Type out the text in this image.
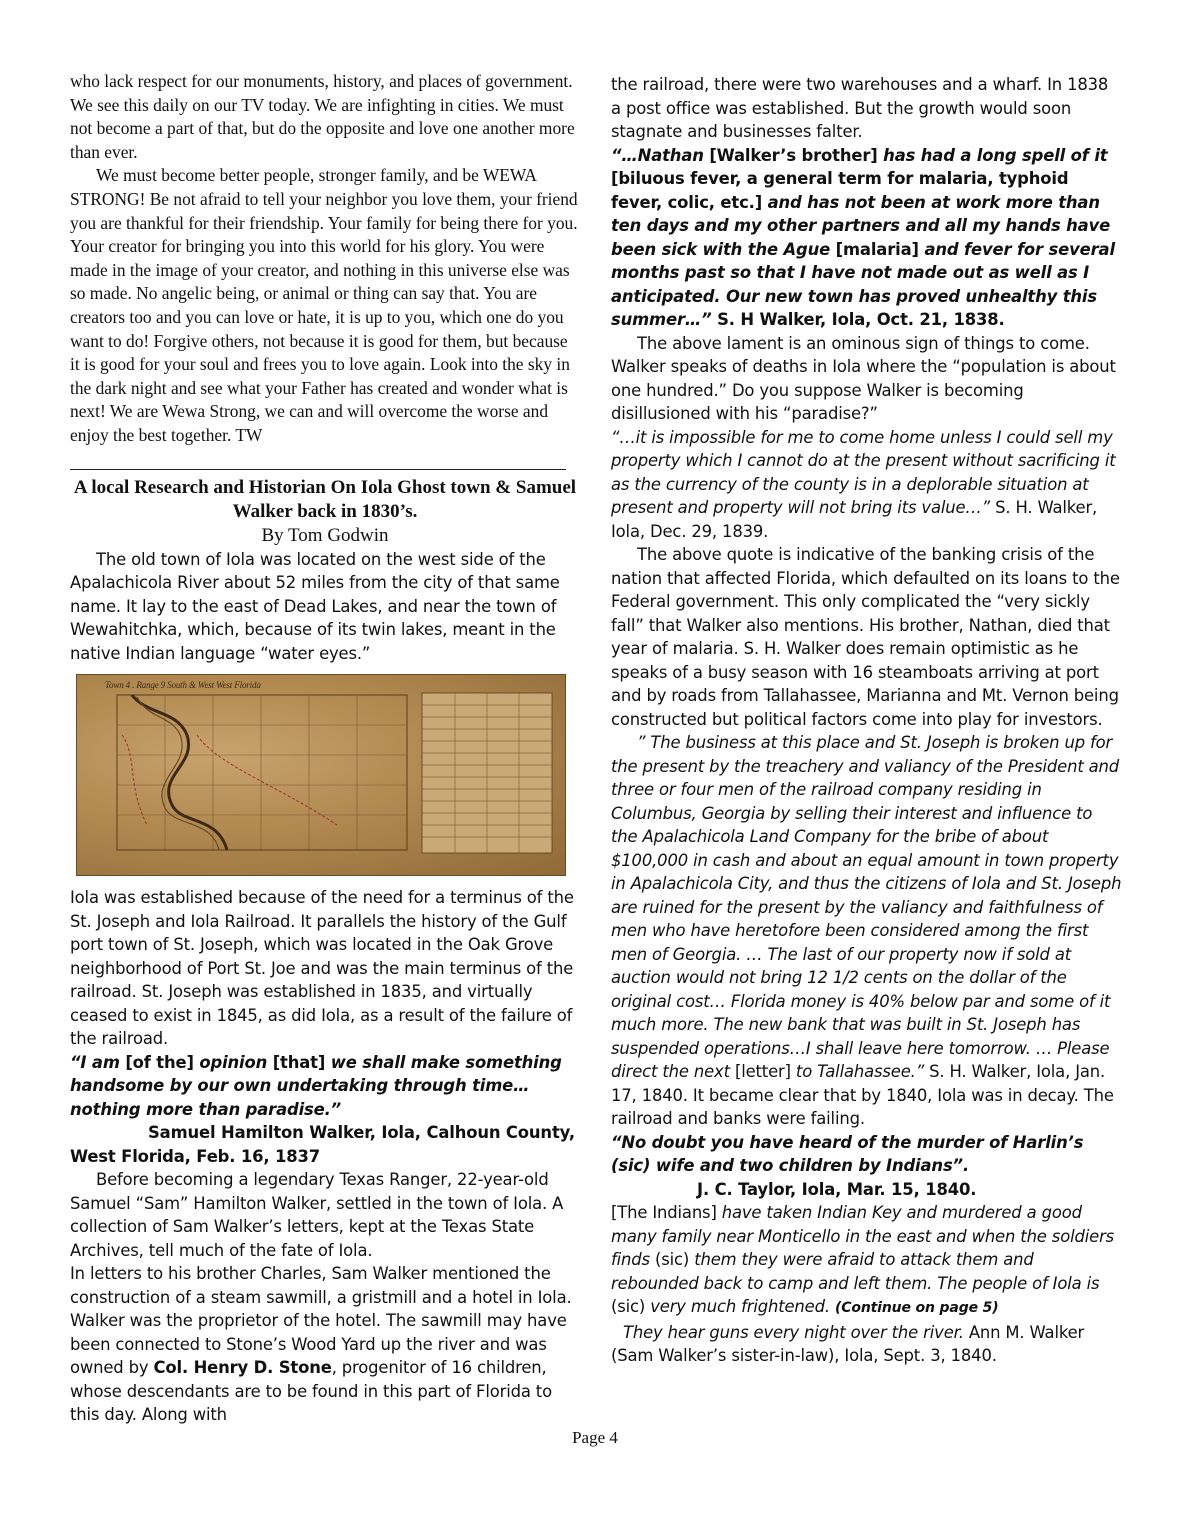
who lack respect for our monuments, history, and places of government. We see this daily on our TV today. We are infighting in cities. We must not become a part of that, but do the opposite and love one another more than ever.

We must become better people, stronger family, and be WEWA STRONG! Be not afraid to tell your neighbor you love them, your friend you are thankful for their friendship. Your family for being there for you. Your creator for bringing you into this world for his glory. You were made in the image of your creator, and nothing in this universe else was so made. No angelic being, or animal or thing can say that. You are creators too and you can love or hate, it is up to you, which one do you want to do! Forgive others, not because it is good for them, but because it is good for your soul and frees you to love again. Look into the sky in the dark night and see what your Father has created and wonder what is next! We are Wewa Strong, we can and will overcome the worse and enjoy the best together. TW

A local Research and Historian On Iola Ghost town & Samuel Walker back in 1830’s.
By Tom Godwin

The old town of Iola was located on the west side of the Apalachicola River about 52 miles from the city of that same name. It lay to the east of Dead Lakes, and near the town of Wewahitchka, which, because of its twin lakes, meant in the native Indian language “water eyes.”

Town 4 . Range 9 South & West West Florida

Iola was established because of the need for a terminus of the St. Joseph and Iola Railroad. It parallels the history of the Gulf port town of St. Joseph, which was located in the Oak Grove neighborhood of Port St. Joe and was the main terminus of the railroad. St. Joseph was established in 1835, and virtually ceased to exist in 1845, as did Iola, as a result of the failure of the railroad.

“I am [of the] opinion [that] we shall make something handsome by our own undertaking through time…nothing more than paradise.”

Samuel Hamilton Walker, Iola, Calhoun County, West Florida, Feb. 16, 1837

Before becoming a legendary Texas Ranger, 22-year-old Samuel “Sam” Hamilton Walker, settled in the town of Iola. A collection of Sam Walker’s letters, kept at the Texas State Archives, tell much of the fate of Iola.

In letters to his brother Charles, Sam Walker mentioned the construction of a steam sawmill, a gristmill and a hotel in Iola. Walker was the proprietor of the hotel. The sawmill may have been connected to Stone’s Wood Yard up the river and was owned by Col. Henry D. Stone, progenitor of 16 children, whose descendants are to be found in this part of Florida to this day. Along with

the railroad, there were two warehouses and a wharf. In 1838 a post office was established. But the growth would soon stagnate and businesses falter.

“…Nathan [Walker’s brother] has had a long spell of it [biluous fever, a general term for malaria, typhoid fever, colic, etc.] and has not been at work more than ten days and my other partners and all my hands have been sick with the Ague [malaria] and fever for several months past so that I have not made out as well as I anticipated. Our new town has proved unhealthy this summer…” S. H Walker, Iola, Oct. 21, 1838.

The above lament is an ominous sign of things to come. Walker speaks of deaths in Iola where the “population is about one hundred.” Do you suppose Walker is becoming disillusioned with his “paradise?”

“…it is impossible for me to come home unless I could sell my property which I cannot do at the present without sacrificing it as the currency of the county is in a deplorable situation at present and property will not bring its value…” S. H. Walker, Iola, Dec. 29, 1839.

The above quote is indicative of the banking crisis of the nation that affected Florida, which defaulted on its loans to the Federal government. This only complicated the “very sickly fall” that Walker also mentions. His brother, Nathan, died that year of malaria. S. H. Walker does remain optimistic as he speaks of a busy season with 16 steamboats arriving at port and by roads from Tallahassee, Marianna and Mt. Vernon being constructed but political factors come into play for investors.

” The business at this place and St. Joseph is broken up for the present by the treachery and valiancy of the President and three or four men of the railroad company residing in Columbus, Georgia by selling their interest and influence to the Apalachicola Land Company for the bribe of about $100,000 in cash and about an equal amount in town property in Apalachicola City, and thus the citizens of Iola and St. Joseph are ruined for the present by the valiancy and faithfulness of men who have heretofore been considered among the first men of Georgia. … The last of our property now if sold at auction would not bring 12 1/2 cents on the dollar of the original cost… Florida money is 40% below par and some of it much more. The new bank that was built in St. Joseph has suspended operations…I shall leave here tomorrow. … Please direct the next [letter] to Tallahassee.” S. H. Walker, Iola, Jan. 17, 1840. It became clear that by 1840, Iola was in decay. The railroad and banks were failing.

“No doubt you have heard of the murder of Harlin’s (sic) wife and two children by Indians”.

J. C. Taylor, Iola, Mar. 15, 1840.

[The Indians] have taken Indian Key and murdered a good many family near Monticello in the east and when the soldiers finds (sic) them they were afraid to attack them and rebounded back to camp and left them. The people of Iola is (sic) very much frightened. (Continue on page 5)

They hear guns every night over the river. Ann M. Walker (Sam Walker’s sister-in-law), Iola, Sept. 3, 1840.

Page 4
